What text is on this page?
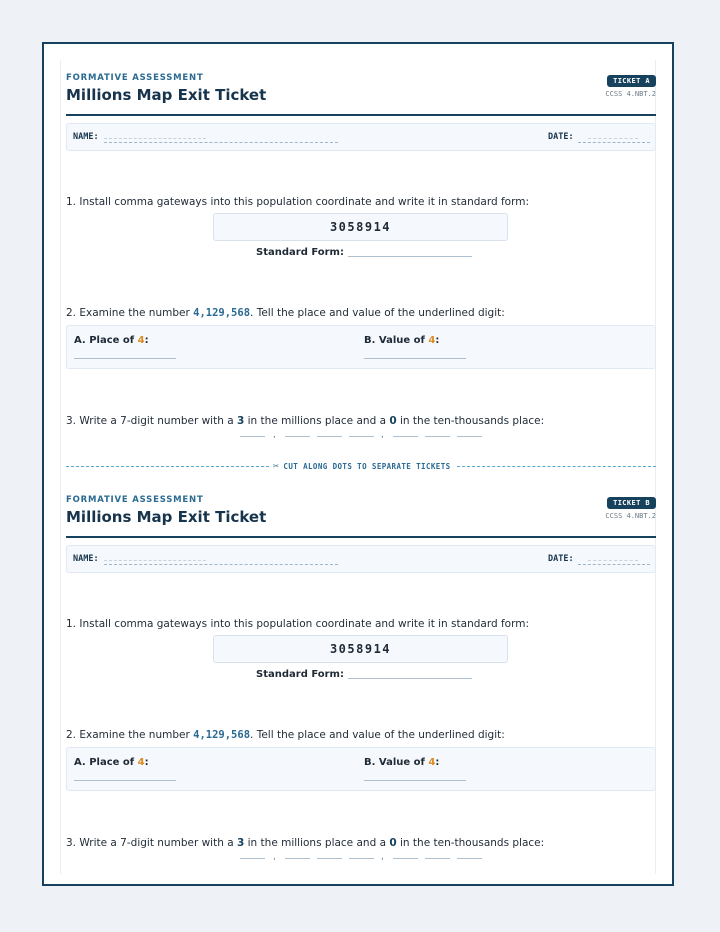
FORMATIVE ASSESSMENT
Millions Map Exit Ticket
TICKET A
CCSS 4.NBT.2
NAME:	DATE:
1. Install comma gateways into this population coordinate and write it in standard form:
3058914
Standard Form:
2. Examine the number 4,129,568. Tell the place and value of the underlined digit:
A. Place of 4:	B. Value of 4:
3. Write a 7-digit number with a 3 in the millions place and a 0 in the ten-thousands place:
,	,
✂ CUT ALONG DOTS TO SEPARATE TICKETS
FORMATIVE ASSESSMENT
Millions Map Exit Ticket
TICKET B
CCSS 4.NBT.2
NAME:	DATE:
1. Install comma gateways into this population coordinate and write it in standard form:
3058914
Standard Form:
2. Examine the number 4,129,568. Tell the place and value of the underlined digit:
A. Place of 4:	B. Value of 4:
3. Write a 7-digit number with a 3 in the millions place and a 0 in the ten-thousands place:
,	,
